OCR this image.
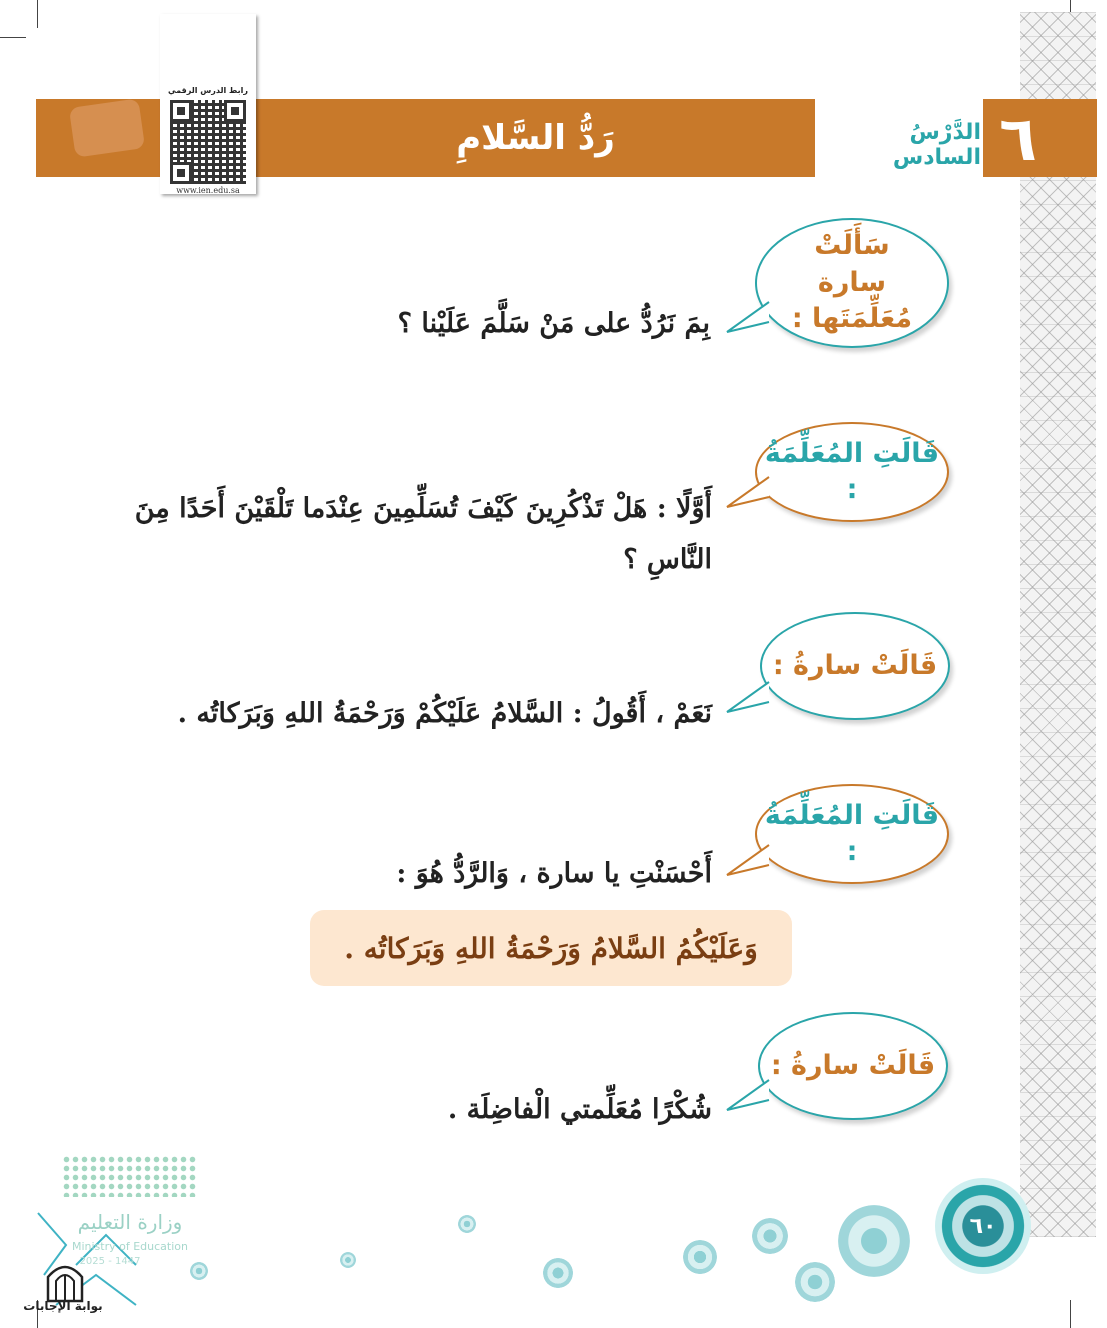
رَدُّ السَّلامِ	الدَّرْسُ السادس ٦
رابط الدرس الرقمي
www.ien.edu.sa
سَأَلَتْ سارة مُعَلِّمَتَها :
بِمَ نَرُدُّ على مَنْ سَلَّمَ عَلَيْنا ؟
قَالَتِ المُعَلِّمَةُ :
أَوَّلًا : هَلْ تَذْكُرِينَ كَيْفَ تُسَلِّمِينَ عِنْدَما تَلْقَيْنَ أَحَدًا مِنَ النَّاسِ ؟
قَالَتْ سارةُ :
نَعَمْ ، أَقُولُ : السَّلامُ عَلَيْكُمْ وَرَحْمَةُ اللهِ وَبَرَكاتُه .
قَالَتِ المُعَلِّمَةُ :
أَحْسَنْتِ يا سارة ، وَالرَّدُّ هُوَ :
وَعَلَيْكُمُ السَّلامُ وَرَحْمَةُ اللهِ وَبَرَكاتُه .
قَالَتْ سارةُ :
شُكْرًا مُعَلِّمتي الْفاضِلَة .
٦٠
وزارة التعليم
Ministry of Education
2025 - 1447
بوابة الإجابات
